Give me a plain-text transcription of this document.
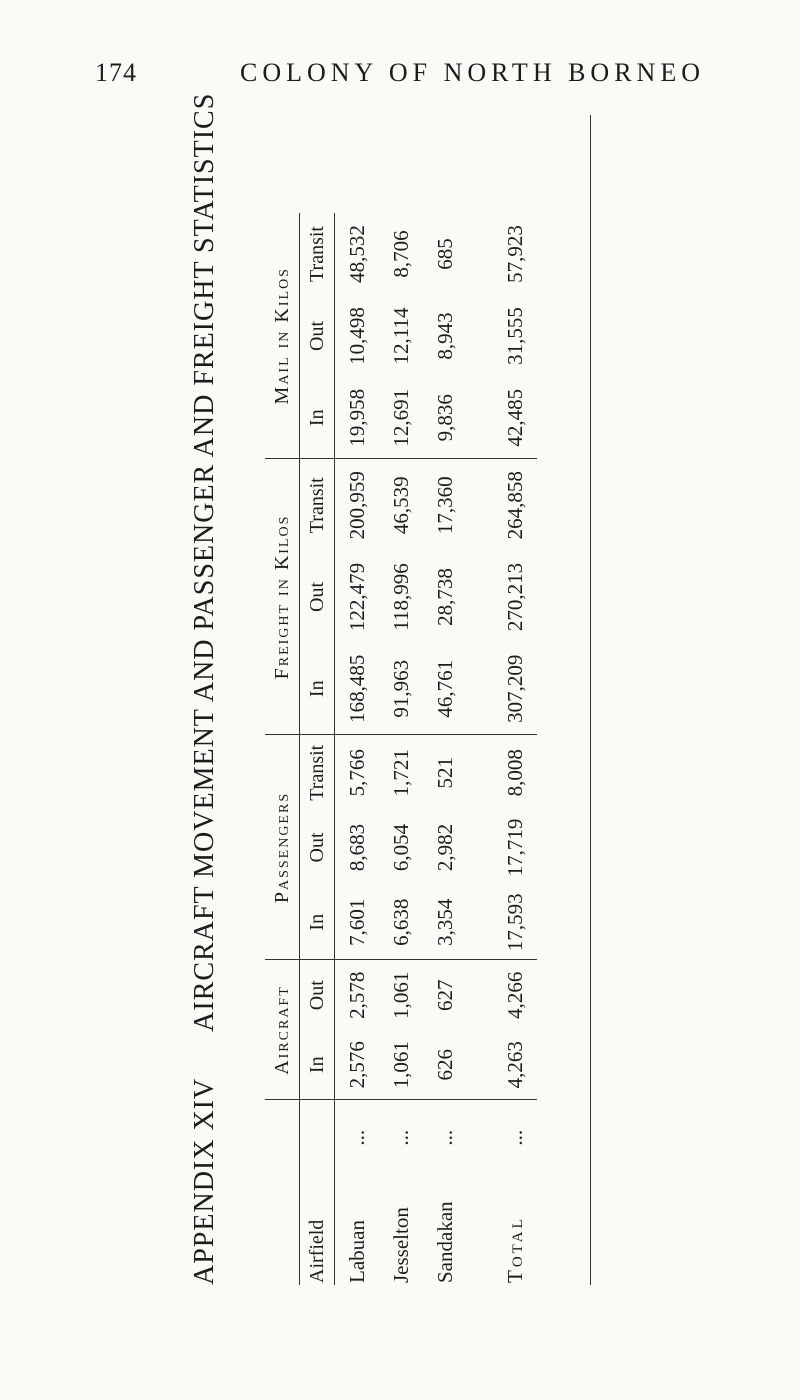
174	COLONY OF NORTH BORNEO
APPENDIX XIV      AIRCRAFT MOVEMENT AND PASSENGER AND FREIGHT STATISTICS
			Aircraft		Passengers			Freight in Kilos			Mail in Kilos		
Airfield		In	Out	In	Out	Transit	In	Out	Transit	In	Out	Transit
Labuan	...	2,576	2,578	7,601	8,683	5,766	168,485	122,479	200,959	19,958	10,498	48,532
Jesselton	...	1,061	1,061	6,638	6,054	1,721	91,963	118,996	46,539	12,691	12,114	8,706
Sandakan	...	626	627	3,354	2,982	521	46,761	28,738	17,360	9,836	8,943	685

Total	...	4,263	4,266	17,593	17,719	8,008	307,209	270,213	264,858	42,485	31,555	57,923
